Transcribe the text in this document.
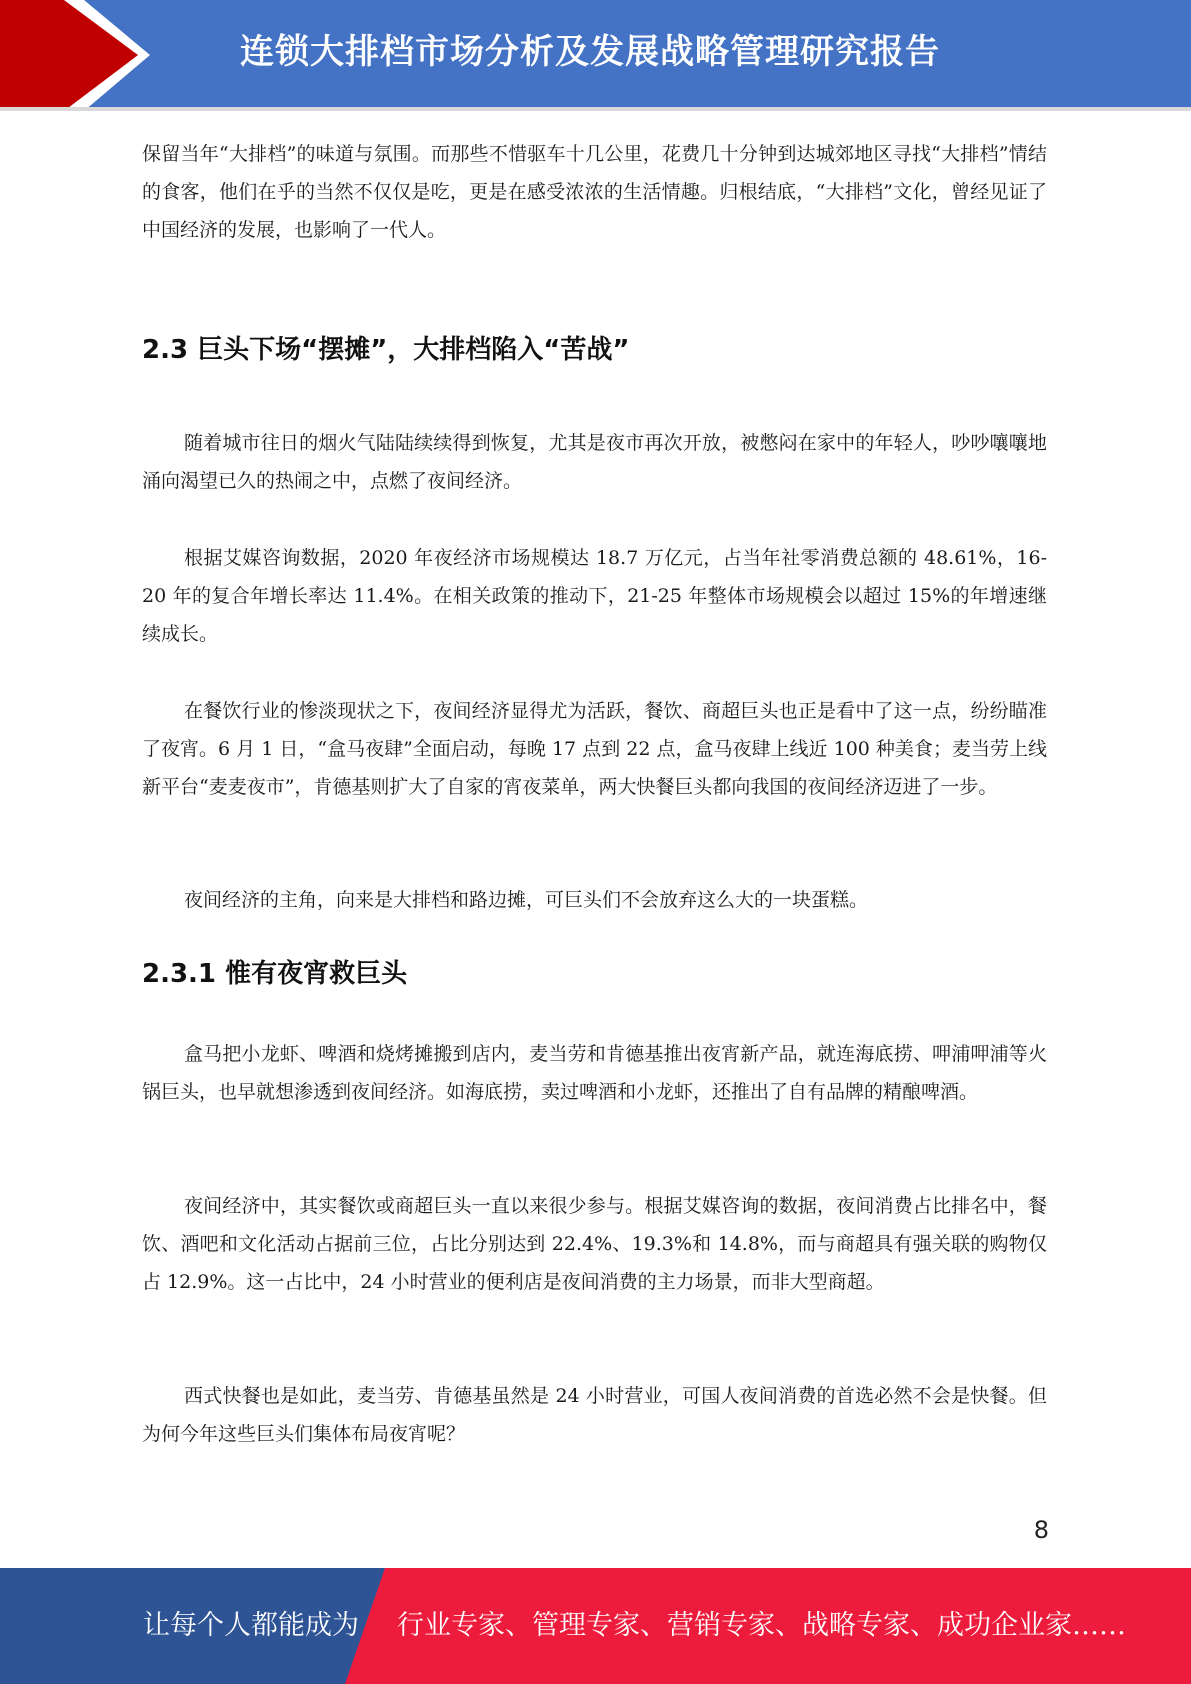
连锁大排档市场分析及发展战略管理研究报告

保留当年“大排档”的味道与氛围。而那些不惜驱车十几公里，花费几十分钟到达城郊地区寻找“大排档”情结的食客，他们在乎的当然不仅仅是吃，更是在感受浓浓的生活情趣。归根结底，“大排档”文化，曾经见证了中国经济的发展，也影响了一代人。

2.3 巨头下场“摆摊”，大排档陷入“苦战”

随着城市往日的烟火气陆陆续续得到恢复，尤其是夜市再次开放，被憋闷在家中的年轻人，吵吵嚷嚷地涌向渴望已久的热闹之中，点燃了夜间经济。

根据艾媒咨询数据，2020 年夜经济市场规模达 18.7 万亿元，占当年社零消费总额的 48.61%，16-20 年的复合年增长率达 11.4%。在相关政策的推动下，21-25 年整体市场规模会以超过 15%的年增速继续成长。

在餐饮行业的惨淡现状之下，夜间经济显得尤为活跃，餐饮、商超巨头也正是看中了这一点，纷纷瞄准了夜宵。6 月 1 日，“盒马夜肆”全面启动，每晚 17 点到 22 点，盒马夜肆上线近 100 种美食；麦当劳上线新平台“麦麦夜市”，肯德基则扩大了自家的宵夜菜单，两大快餐巨头都向我国的夜间经济迈进了一步。

夜间经济的主角，向来是大排档和路边摊，可巨头们不会放弃这么大的一块蛋糕。

2.3.1 惟有夜宵救巨头

盒马把小龙虾、啤酒和烧烤摊搬到店内，麦当劳和肯德基推出夜宵新产品，就连海底捞、呷浦呷浦等火锅巨头，也早就想渗透到夜间经济。如海底捞，卖过啤酒和小龙虾，还推出了自有品牌的精酿啤酒。

夜间经济中，其实餐饮或商超巨头一直以来很少参与。根据艾媒咨询的数据，夜间消费占比排名中，餐饮、酒吧和文化活动占据前三位，占比分别达到 22.4%、19.3%和 14.8%，而与商超具有强关联的购物仅占 12.9%。这一占比中，24 小时营业的便利店是夜间消费的主力场景，而非大型商超。

西式快餐也是如此，麦当劳、肯德基虽然是 24 小时营业，可国人夜间消费的首选必然不会是快餐。但为何今年这些巨头们集体布局夜宵呢？

8
让每个人都能成为 行业专家、管理专家、营销专家、战略专家、成功企业家……
